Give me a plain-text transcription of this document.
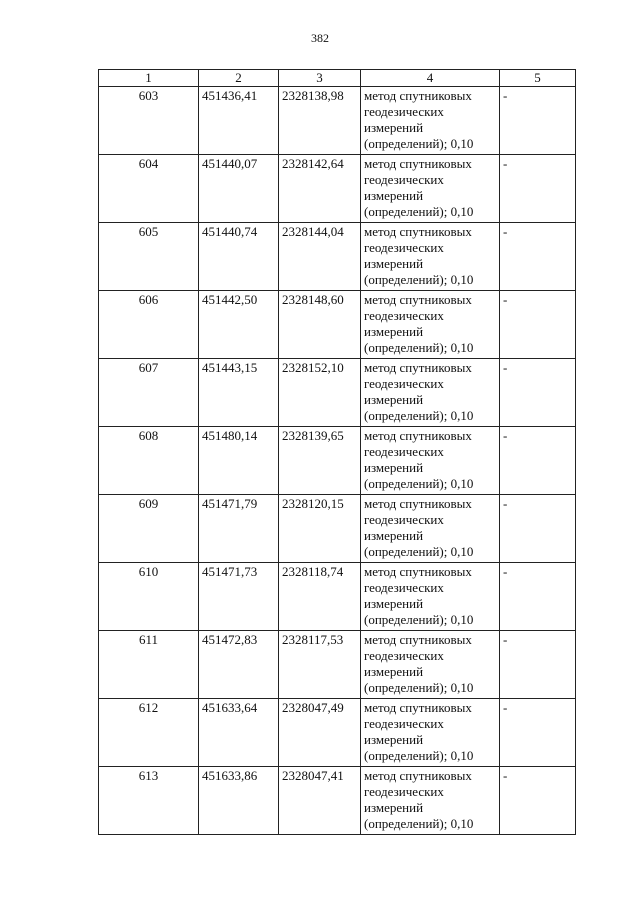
382
1	2	3	4	5
603	451436,41	2328138,98	метод спутниковых геодезических измерений (определений); 0,10	-
604	451440,07	2328142,64	метод спутниковых геодезических измерений (определений); 0,10	-
605	451440,74	2328144,04	метод спутниковых геодезических измерений (определений); 0,10	-
606	451442,50	2328148,60	метод спутниковых геодезических измерений (определений); 0,10	-
607	451443,15	2328152,10	метод спутниковых геодезических измерений (определений); 0,10	-
608	451480,14	2328139,65	метод спутниковых геодезических измерений (определений); 0,10	-
609	451471,79	2328120,15	метод спутниковых геодезических измерений (определений); 0,10	-
610	451471,73	2328118,74	метод спутниковых геодезических измерений (определений); 0,10	-
611	451472,83	2328117,53	метод спутниковых геодезических измерений (определений); 0,10	-
612	451633,64	2328047,49	метод спутниковых геодезических измерений (определений); 0,10	-
613	451633,86	2328047,41	метод спутниковых геодезических измерений (определений); 0,10	-
